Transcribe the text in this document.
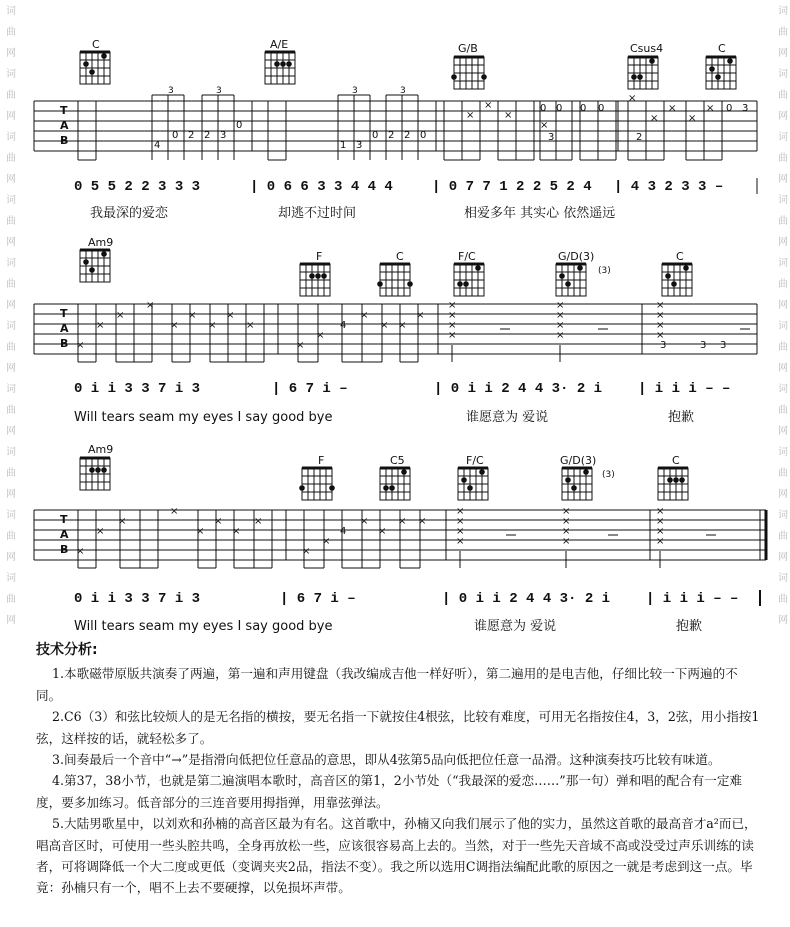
词	词
曲	曲
网	网
词	词
曲	曲
网	网
词	词
曲	曲
网	网
词	词
曲	曲
网	网
词	词
曲	曲
网	网
词	词
曲	曲
网	网
词	词
曲	曲
网	网
词	词
曲	曲
网	网
词	词
曲	曲
网	网
词	词
曲	曲
网	网
C	A/E	G/B	Csus4	C
T
A
B	4
0 2 2 3
0
1 3
0 2 2 0
×
×
×
0 0 0 0
×
×
×
×
×
× 0 3
3	2
3	3	3	3
0 5 5 2 2 3 3 3	| 0 6 6 3 3 4 4 4	| 0 7 7 1 2 2 5 2 4 | 4 3 2 3 3 –
我最深的爱恋	却逃不过时间	相爱多年 其实心 依然遥远
Am9
F	C	F/C	G/D(3)	C
(3)
T
A
B ×
×
×
×
×
×
×
×
×
×
×
4
×
× ×
×
×
×
×
×
×
×
×
×
×
×
×
×
3	3 3
0 i i 3 3 7 i 3	| 6 7 i –	| 0 i i 2 4 4 3· 2 i	| i i i – –
Will tears seam my eyes I say good bye	谁愿意为 爱说	抱歉
Am9
F	C5	F/C	G/D(3)	C
(3)
T
A
B ×
×
×
×
×
×
×
×
×
×
4
×
×
× ×
×
×
×
×
×
×
×
×
×
×
×
×
0 i i 3 3 7 i 3	| 6 7 i –	| 0 i i 2 4 4 3· 2 i	| i i i – –
Will tears seam my eyes I say good bye	谁愿意为 爱说	抱歉
技术分析:

1.本歌磁带原版共演奏了两遍，第一遍和声用键盘（我改编成吉他一样好听），第二遍用的是电吉他，仔细比较一下两遍的不同。

2.C6（3）和弦比较烦人的是无名指的横按，要无名指一下就按住4根弦，比较有难度，可用无名指按住4，3，2弦，用小指按1弦，这样按的话，就轻松多了。

3.间奏最后一个音中“→”是指滑向低把位任意品的意思，即从4弦第5品向低把位任意一品滑。这种演奏技巧比较有味道。

4.第37，38小节，也就是第二遍演唱本歌时，高音区的第1，2小节处（“我最深的爱恋……”那一句）弹和唱的配合有一定难度，要多加练习。低音部分的三连音要用拇指弹，用靠弦弹法。

5.大陆男歌星中，以刘欢和孙楠的高音区最为有名。这首歌中，孙楠又向我们展示了他的实力，虽然这首歌的最高音才a²而已，唱高音区时，可使用一些头腔共鸣，全身再放松一些，应该很容易高上去的。当然，对于一些先天音域不高或没受过声乐训练的读者，可将调降低一个大二度或更低（变调夹夹2品，指法不变）。我之所以选用C调指法编配此歌的原因之一就是考虑到这一点。毕竟：孙楠只有一个，唱不上去不要硬撑，以免损坏声带。
